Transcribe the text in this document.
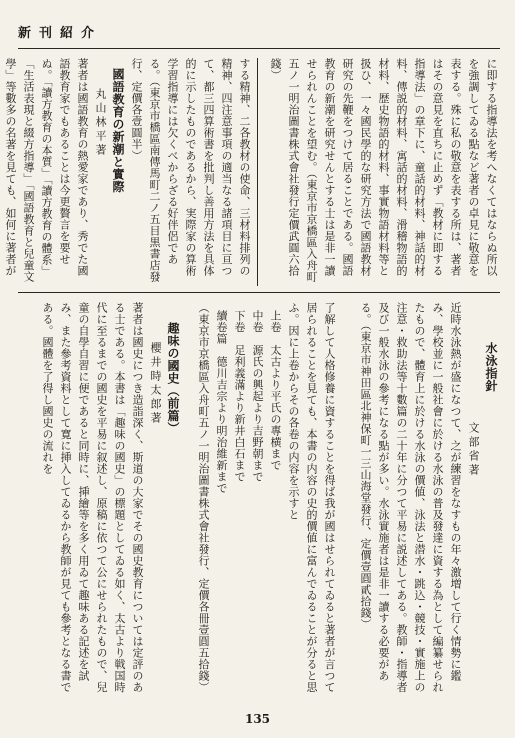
新刊紹介
に即する指導法を考へなくてはならぬ所以を強調してゐる點など著者の卓見に敬意を表する。殊に私の敬意を表する所は、著者はその意見を直ちに止めず「教材に即する指導法」の章下に、童話的材料、神話的材料、傳説的材料、寓話的材料、滑稽物語的材料、歴史物語的材料、事實物語材料等と扱ひ、一々國民學的な研究方法で國語教材研究の先鞭をつけて居ることである。國語教育の新潮を研究せんとする士は是非一讀せられんことを望む。（東京市京橋區入舟町五ノ一明治圖書株式會社發行定價武圓六拾錢）
する精神、二各教材の使命、三材料排列の精神、四注意事項の適当なる諸項目に亘つて、都三四算術書を批判し善用方法を具体的に示したものであるから、実際家の算術学習指導には欠くべからざる好伴侶である。（東京市橋區南傳馬町二ノ五目黒書店發行、定價各壹圓半）
國語教育の新潮と實際
丸山林平著
著者は國語教育の熱愛家であり、秀でた國語教育家でもあることは今更贅言を要せぬ。「讀方教育の本質」「讀方教育の體系」「生活表現と綴方指導」「國語教育と兒童文學」等數多の名著を見ても、如何に著者が
水泳指針
文部省著
近時水泳熱が盛になつて、之が練習をなすもの年々激増して行く情勢に鑑み、學校並に一般社會に於ける水泳の普及發達に資する為として編纂せられたもので、體育上に於ける水泳の價値、泳法と潜水・跳込・競技・實施上の注意・救助法等十數篇の二十年に分つて平易に説述してある。教師・指導者及び一般水泳の參考になる點が多い。水泳實施者は是非一讀する必要がある。（東京市神田區北神保町一三山海堂發行、定價壹圓貳拾錢）
了解して人格修養に資することを得ば我が國はせられてゐると著者が言つて居られることを見ても、本書の内容の史的價値に富んでゐることが分ると思ふ。因に上卷からその各卷の内容を示すと
上卷　太古より平氏の專横まで
中卷　源氏の興起より吉野朝まで
下卷　足利義滿より新井白石まで
續卷篇　德川吉宗より明治維新まで
（東京市京橋區入舟町五ノ一明治圖書株式會社發行、定價各冊壹圓五拾錢）
趣味の國史（前篇）
櫻井時太郎著
著者は國史につき造詣深く、斯道の大家でその國史教育については定評のある士である。本書は「趣味の國史」の標題としてゐる如く、太古より戦国時代に至るまでの國史を平易に叙述し、原稿に依つて公にせられたもので、兒童の自學自習に便であると同時に、挿繪等を多く用ゐて趣味ある記述を試み、また參考資料として寛に挿入してゐるから教師が見ても參考となる書である。國體を了得し國史の流れを
135
